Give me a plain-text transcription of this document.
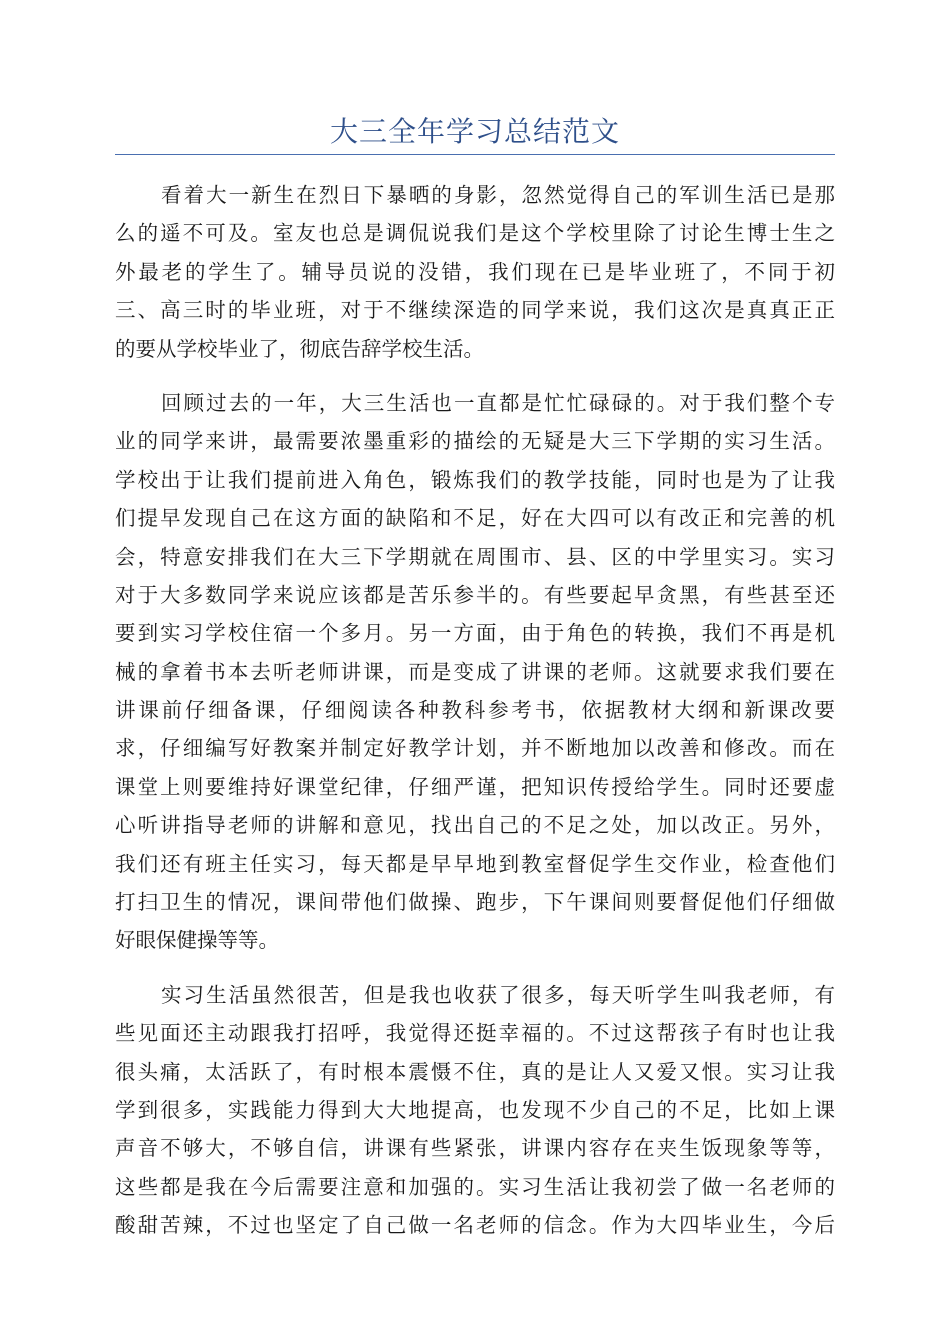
大三全年学习总结范文
看着大一新生在烈日下暴晒的身影，忽然觉得自己的军训生活已是那
么的遥不可及。室友也总是调侃说我们是这个学校里除了讨论生博士生之
外最老的学生了。辅导员说的没错，我们现在已是毕业班了，不同于初
三、高三时的毕业班，对于不继续深造的同学来说，我们这次是真真正正
的要从学校毕业了，彻底告辞学校生活。
回顾过去的一年，大三生活也一直都是忙忙碌碌的。对于我们整个专
业的同学来讲，最需要浓墨重彩的描绘的无疑是大三下学期的实习生活。
学校出于让我们提前进入角色，锻炼我们的教学技能，同时也是为了让我
们提早发现自己在这方面的缺陷和不足，好在大四可以有改正和完善的机
会，特意安排我们在大三下学期就在周围市、县、区的中学里实习。实习
对于大多数同学来说应该都是苦乐参半的。有些要起早贪黑，有些甚至还
要到实习学校住宿一个多月。另一方面，由于角色的转换，我们不再是机
械的拿着书本去听老师讲课，而是变成了讲课的老师。这就要求我们要在
讲课前仔细备课，仔细阅读各种教科参考书，依据教材大纲和新课改要
求，仔细编写好教案并制定好教学计划，并不断地加以改善和修改。而在
课堂上则要维持好课堂纪律，仔细严谨，把知识传授给学生。同时还要虚
心听讲指导老师的讲解和意见，找出自己的不足之处，加以改正。另外，
我们还有班主任实习，每天都是早早地到教室督促学生交作业，检查他们
打扫卫生的情况，课间带他们做操、跑步，下午课间则要督促他们仔细做
好眼保健操等等。
实习生活虽然很苦，但是我也收获了很多，每天听学生叫我老师，有
些见面还主动跟我打招呼，我觉得还挺幸福的。不过这帮孩子有时也让我
很头痛，太活跃了，有时根本震慑不住，真的是让人又爱又恨。实习让我
学到很多，实践能力得到大大地提高，也发现不少自己的不足，比如上课
声音不够大，不够自信，讲课有些紧张，讲课内容存在夹生饭现象等等，
这些都是我在今后需要注意和加强的。实习生活让我初尝了做一名老师的
酸甜苦辣，不过也坚定了自己做一名老师的信念。作为大四毕业生，今后
